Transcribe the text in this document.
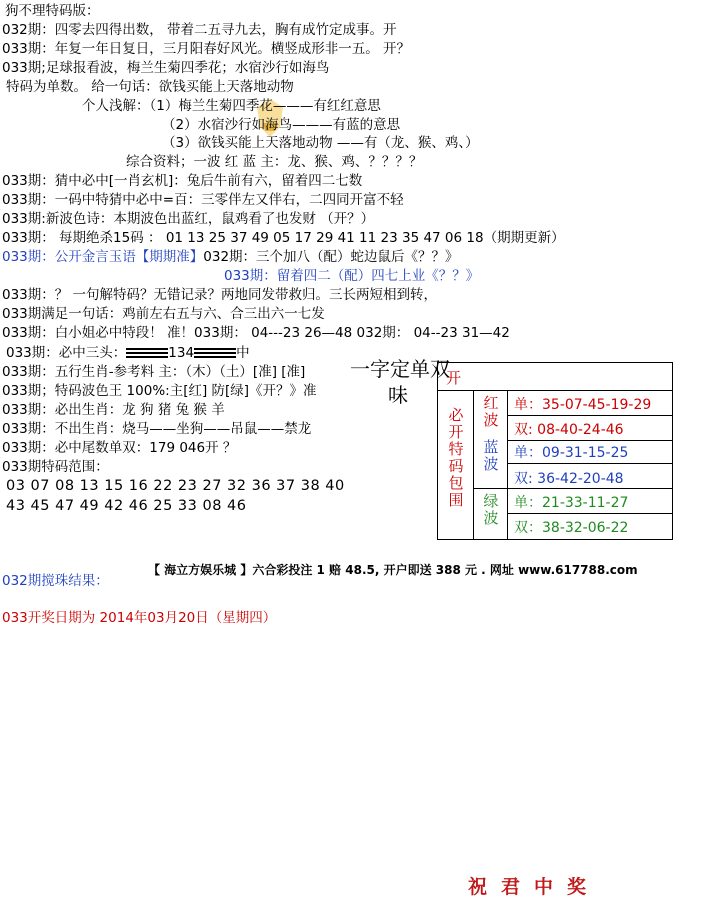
狗不理特码版：
032期：四零去四得出数， 带着二五寻九去，胸有成竹定成事。开
033期：年复一年日复日，三月阳春好风光。横竖成形非一五。 开？
033期;足球报看波，梅兰生菊四季花；水宿沙行如海鸟
特码为单数。 给一句话：欲钱买能上天落地动物
个人浅解：（1）梅兰生菊四季花———有红红意思
（2）水宿沙行如海鸟———有蓝的意思
（3）欲钱买能上天落地动物 ——有（龙、猴、鸡、）
综合资料；一波 红 蓝 主：龙、猴、鸡、？？？？
033期：猜中必中[一肖玄机]：兔后牛前有六，留着四二七数
033期：一码中特猜中必中=百：三零伴左又伴右，二四同开富不轻
033期:新波色诗：本期波色出蓝红，鼠鸡看了也发财 （开？）
033期： 每期绝杀15码 ： 01 13 25 37 49 05 17 29 41 11 23 35 47 06 18（期期更新）
033期：公开金言玉语【期期准】032期：三个加八（配）蛇边鼠后《？？》
033期：留着四二（配）四七上业《？？》
033期：？ 一句解特码？无错记录？两地同发带救归。三长两短相到转，
033期满足一句话：鸡前左右五与六、合三出六一七发
033期：白小姐必中特段！ 准！033期： 04---23 26—48 032期： 04--23 31—42
033期：必中三头：	134	中
033期：五行生肖-参考料 主：（木）（土）[准] [准]
033期；特码波色王 100%:主[红] 防[绿]《开？》准
033期：必出生肖：龙 狗 猪 兔 猴 羊
033期：不出生肖：烧马——坐狗——吊鼠——禁龙
033期：必中尾数单双：179 046开 ？
033期特码范围：
03 07 08 13 15 16 22 23 27 32 36 37 38 40
43 45 47 49 42 46 25 33 08 46
一字定单双
味
开
必开特码包围
红波
蓝波
绿波
单：35-07-45-19-29
双: 08-40-24-46
单：09-31-15-25
双: 36-42-20-48
单：21-33-11-27
双：38-32-06-22
【 海立方娱乐城 】六合彩投注 1 赔 48.5, 开户即送 388 元 . 网址 www.617788.com
032期搅珠结果：
033开奖日期为 2014年03月20日（星期四）
祝君中奖
